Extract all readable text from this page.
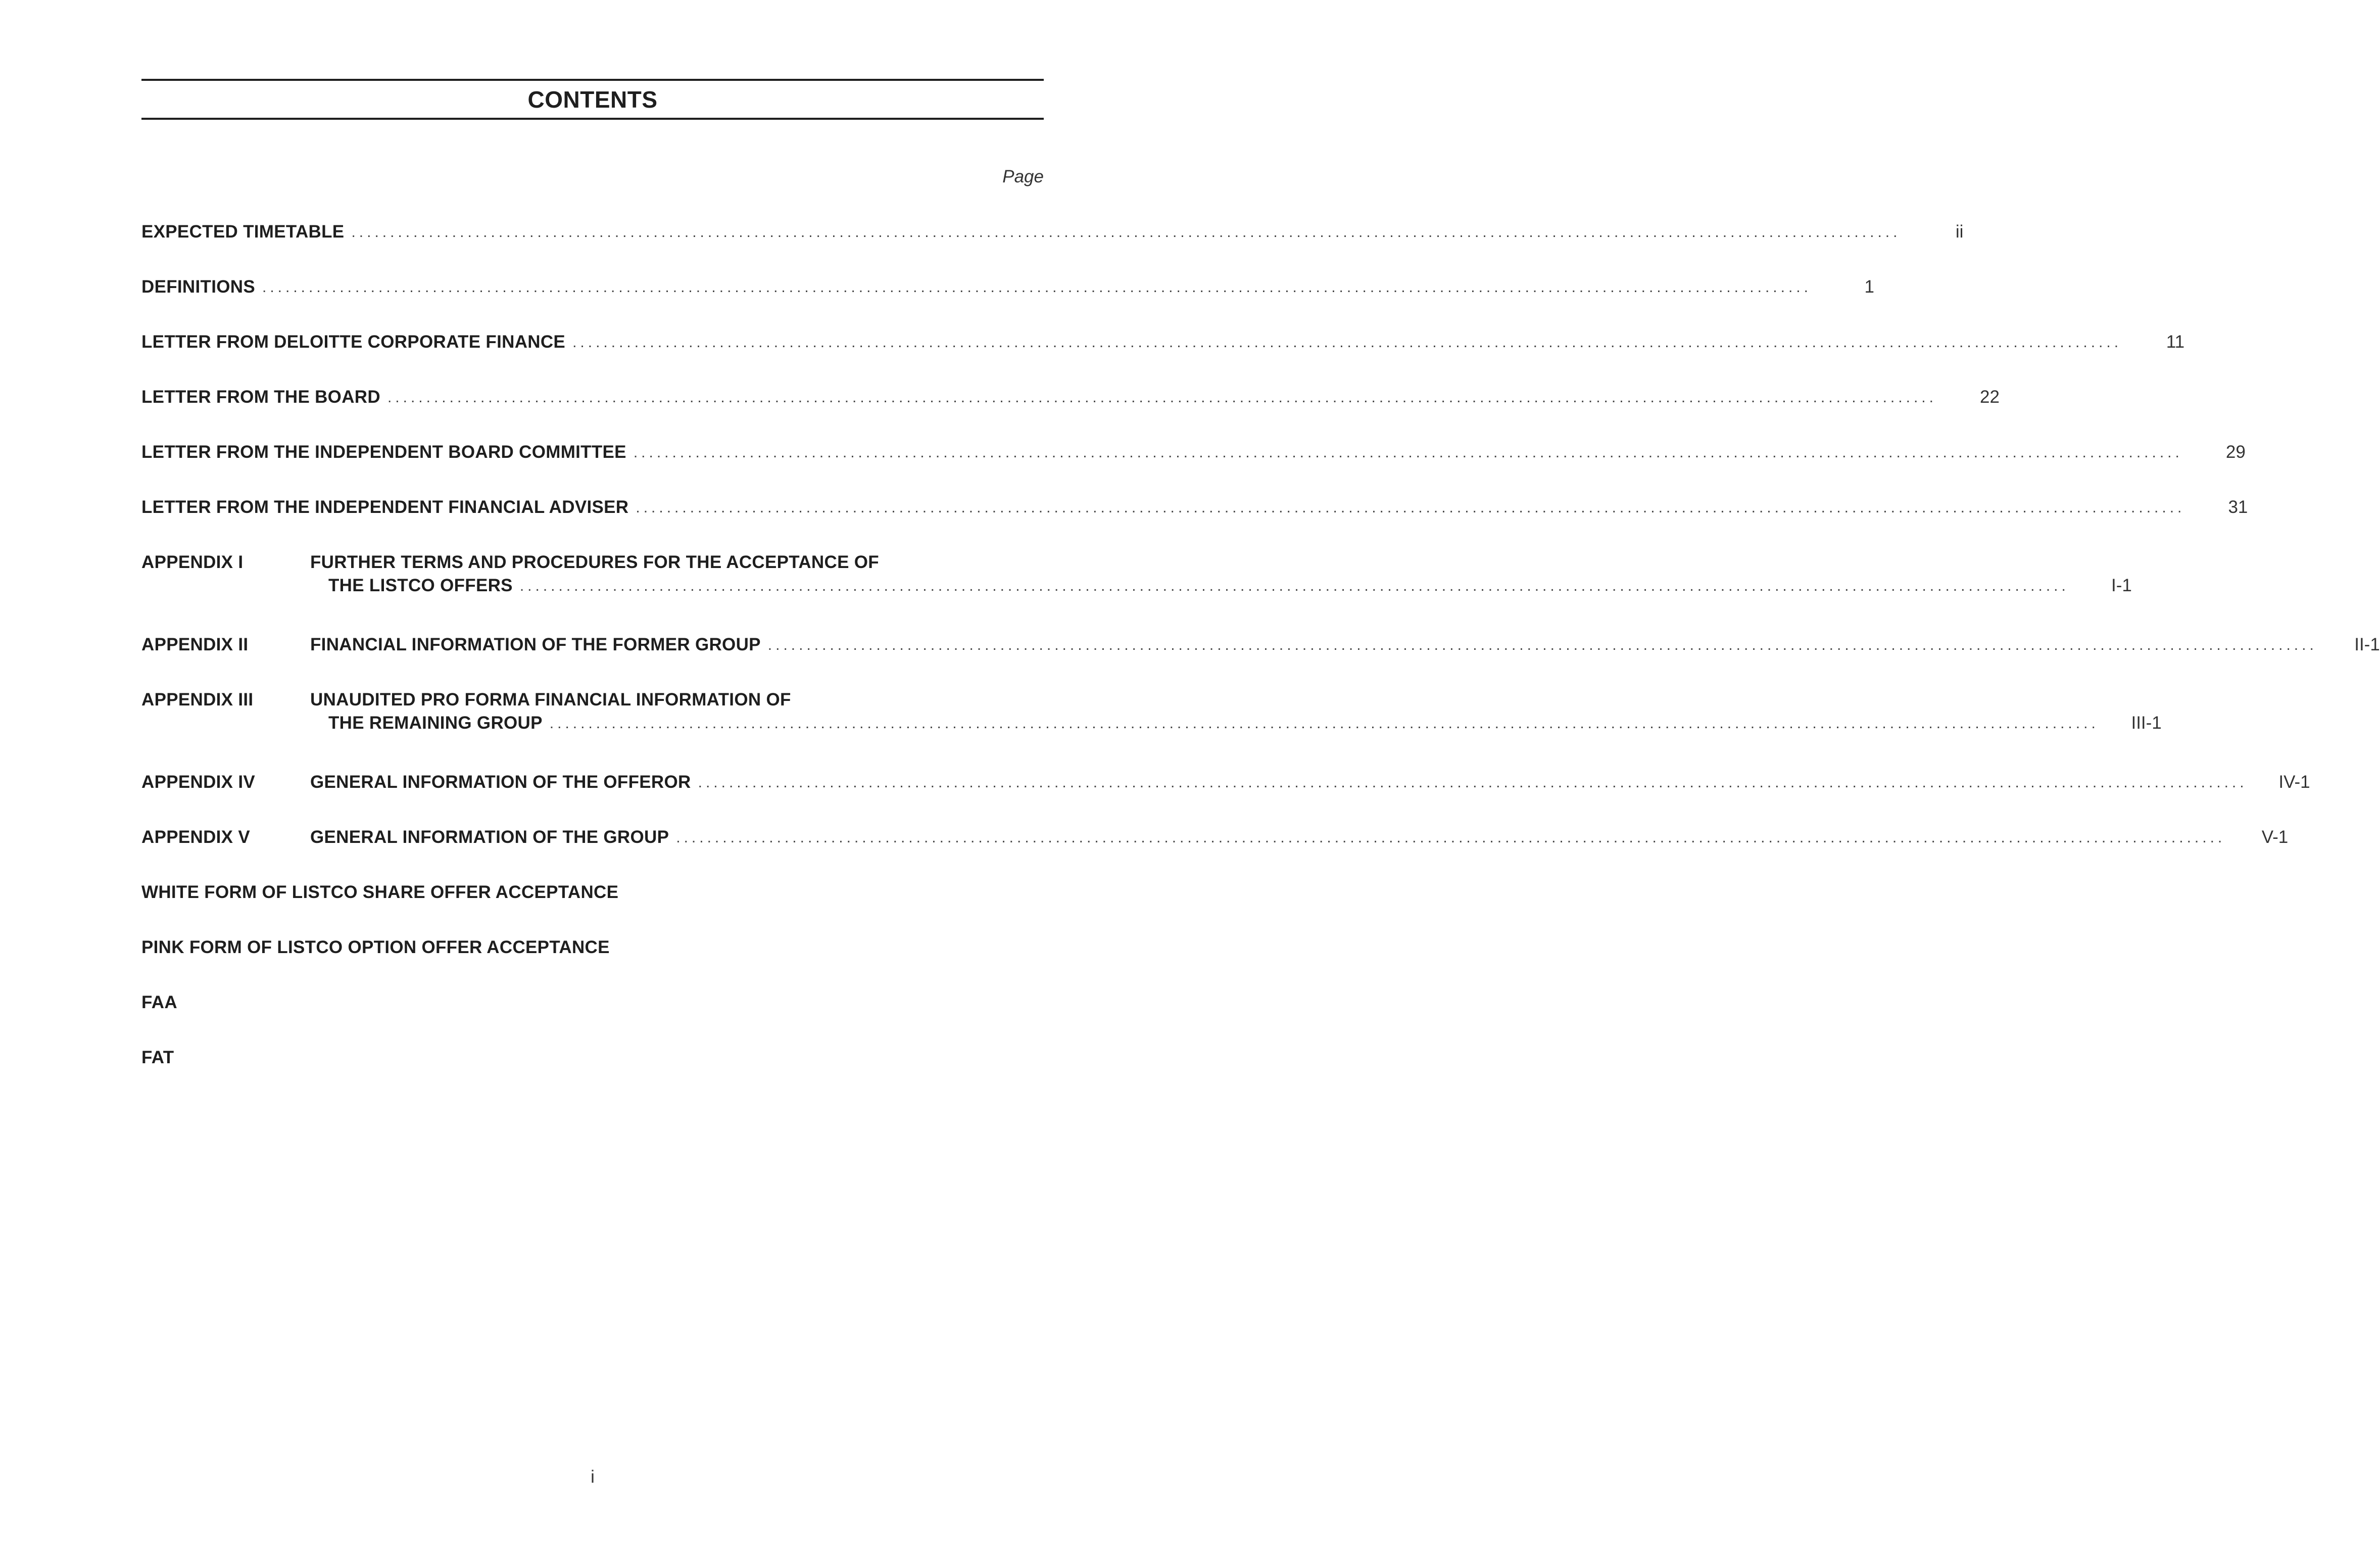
CONTENTS
Page
EXPECTED TIMETABLE ........................................................................................................................................................................................................	ii
DEFINITIONS ........................................................................................................................................................................................................	1
LETTER FROM DELOITTE CORPORATE FINANCE ........................................................................................................................................................................................................	11
LETTER FROM THE BOARD ........................................................................................................................................................................................................	22
LETTER FROM THE INDEPENDENT BOARD COMMITTEE ........................................................................................................................................................................................................	29
LETTER FROM THE INDEPENDENT FINANCIAL ADVISER ........................................................................................................................................................................................................	31
APPENDIX I	FURTHER TERMS AND PROCEDURES FOR THE ACCEPTANCE OF
THE LISTCO OFFERS ........................................................................................................................................................................................................	I-1
APPENDIX II	FINANCIAL INFORMATION OF THE FORMER GROUP ........................................................................................................................................................................................................	II-1
APPENDIX III	UNAUDITED PRO FORMA FINANCIAL INFORMATION OF
THE REMAINING GROUP ........................................................................................................................................................................................................	III-1
APPENDIX IV	GENERAL INFORMATION OF THE OFFEROR ........................................................................................................................................................................................................	IV-1
APPENDIX V	GENERAL INFORMATION OF THE GROUP ........................................................................................................................................................................................................	V-1
WHITE FORM OF LISTCO SHARE OFFER ACCEPTANCE
PINK FORM OF LISTCO OPTION OFFER ACCEPTANCE
FAA
FAT
i
